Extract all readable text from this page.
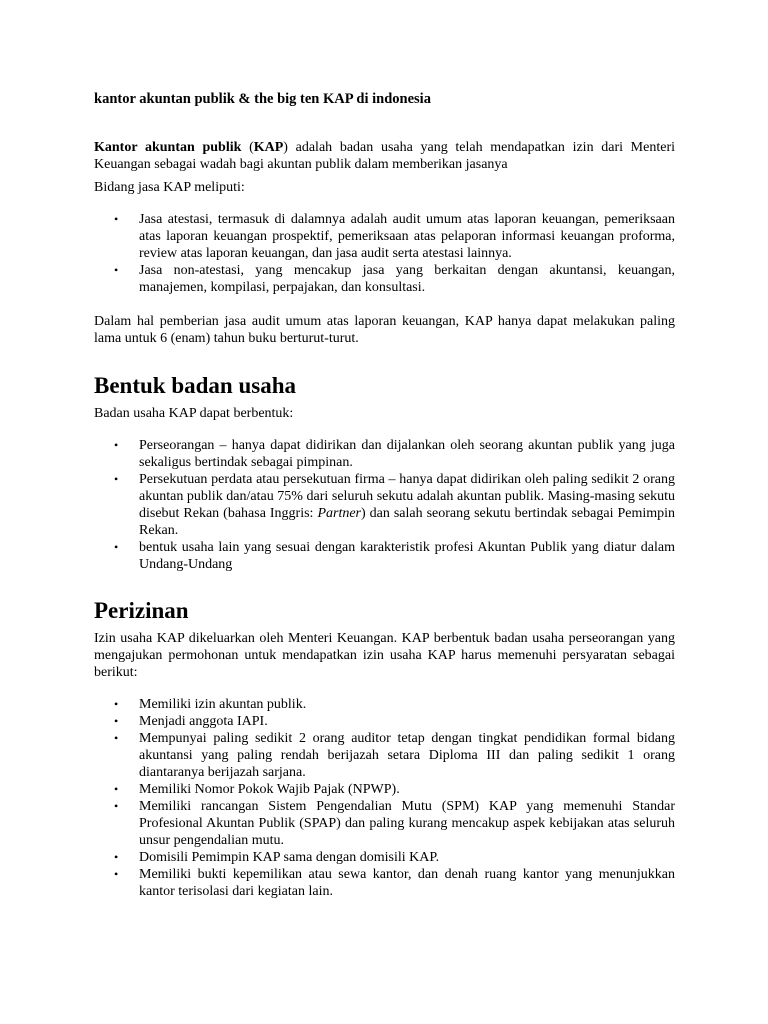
kantor akuntan publik & the big ten KAP di indonesia

Kantor akuntan publik (KAP) adalah badan usaha yang telah mendapatkan izin dari Menteri Keuangan sebagai wadah bagi akuntan publik dalam memberikan jasanya

Bidang jasa KAP meliputi:

•	Jasa atestasi, termasuk di dalamnya adalah audit umum atas laporan keuangan, pemeriksaan atas laporan keuangan prospektif, pemeriksaan atas pelaporan informasi keuangan proforma, review atas laporan keuangan, dan jasa audit serta atestasi lainnya.
•	Jasa non-atestasi, yang mencakup jasa yang berkaitan dengan akuntansi, keuangan, manajemen, kompilasi, perpajakan, dan konsultasi.

Dalam hal pemberian jasa audit umum atas laporan keuangan, KAP hanya dapat melakukan paling lama untuk 6 (enam) tahun buku berturut-turut.

Bentuk badan usaha

Badan usaha KAP dapat berbentuk:

•	Perseorangan – hanya dapat didirikan dan dijalankan oleh seorang akuntan publik yang juga sekaligus bertindak sebagai pimpinan.
•	Persekutuan perdata atau persekutuan firma – hanya dapat didirikan oleh paling sedikit 2 orang akuntan publik dan/atau 75% dari seluruh sekutu adalah akuntan publik. Masing-masing sekutu disebut Rekan (bahasa Inggris: Partner) dan salah seorang sekutu bertindak sebagai Pemimpin Rekan.
•	bentuk usaha lain yang sesuai dengan karakteristik profesi Akuntan Publik yang diatur dalam Undang-Undang
Perizinan

Izin usaha KAP dikeluarkan oleh Menteri Keuangan. KAP berbentuk badan usaha perseorangan yang mengajukan permohonan untuk mendapatkan izin usaha KAP harus memenuhi persyaratan sebagai berikut:

•	Memiliki izin akuntan publik.
•	Menjadi anggota IAPI.
•	Mempunyai paling sedikit 2 orang auditor tetap dengan tingkat pendidikan formal bidang akuntansi yang paling rendah berijazah setara Diploma III dan paling sedikit 1 orang diantaranya berijazah sarjana.
•	Memiliki Nomor Pokok Wajib Pajak (NPWP).
•	Memiliki rancangan Sistem Pengendalian Mutu (SPM) KAP yang memenuhi Standar Profesional Akuntan Publik (SPAP) dan paling kurang mencakup aspek kebijakan atas seluruh unsur pengendalian mutu.
•	Domisili Pemimpin KAP sama dengan domisili KAP.
•	Memiliki bukti kepemilikan atau sewa kantor, dan denah ruang kantor yang menunjukkan kantor terisolasi dari kegiatan lain.
